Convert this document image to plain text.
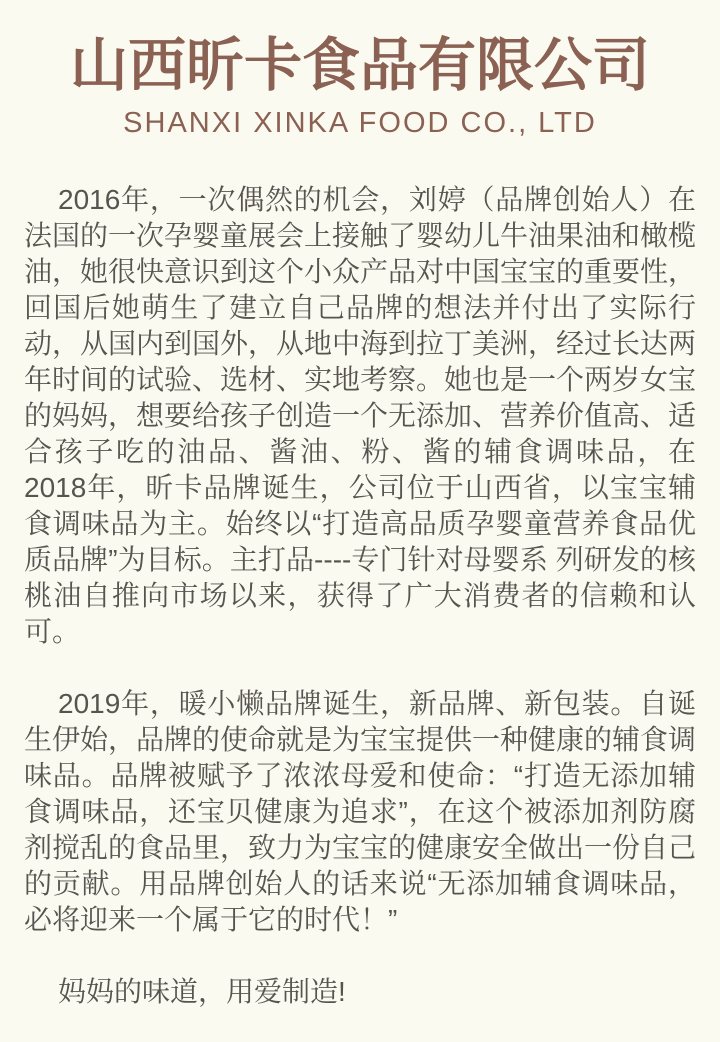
山西昕卡食品有限公司
SHANXI XINKA FOOD CO., LTD

2016年，一次偶然的机会，刘婷（品牌创始人）在法国的一次孕婴童展会上接触了婴幼儿牛油果油和橄榄油，她很快意识到这个小众产品对中国宝宝的重要性，回国后她萌生了建立自己品牌的想法并付出了实际行动，从国内到国外，从地中海到拉丁美洲，经过长达两年时间的试验、选材、实地考察。她也是一个两岁女宝的妈妈，想要给孩子创造一个无添加、营养价值高、适合孩子吃的油品、酱油、粉、酱的辅食调味品，在2018年，昕卡品牌诞生，公司位于山西省，以宝宝辅食调味品为主。始终以“打造高品质孕婴童营养食品优质品牌”为目标。主打品----专门针对母婴系 列研发的核桃油自推向市场以来，获得了广大消费者的信赖和认可。

2019年，暖小懒品牌诞生，新品牌、新包装。自诞生伊始，品牌的使命就是为宝宝提供一种健康的辅食调味品。品牌被赋予了浓浓母爱和使命：“打造无添加辅食调味品，还宝贝健康为追求”，在这个被添加剂防腐剂搅乱的食品里，致力为宝宝的健康安全做出一份自己的贡献。用品牌创始人的话来说“无添加辅食调味品，必将迎来一个属于它的时代！”

妈妈的味道，用爱制造!
